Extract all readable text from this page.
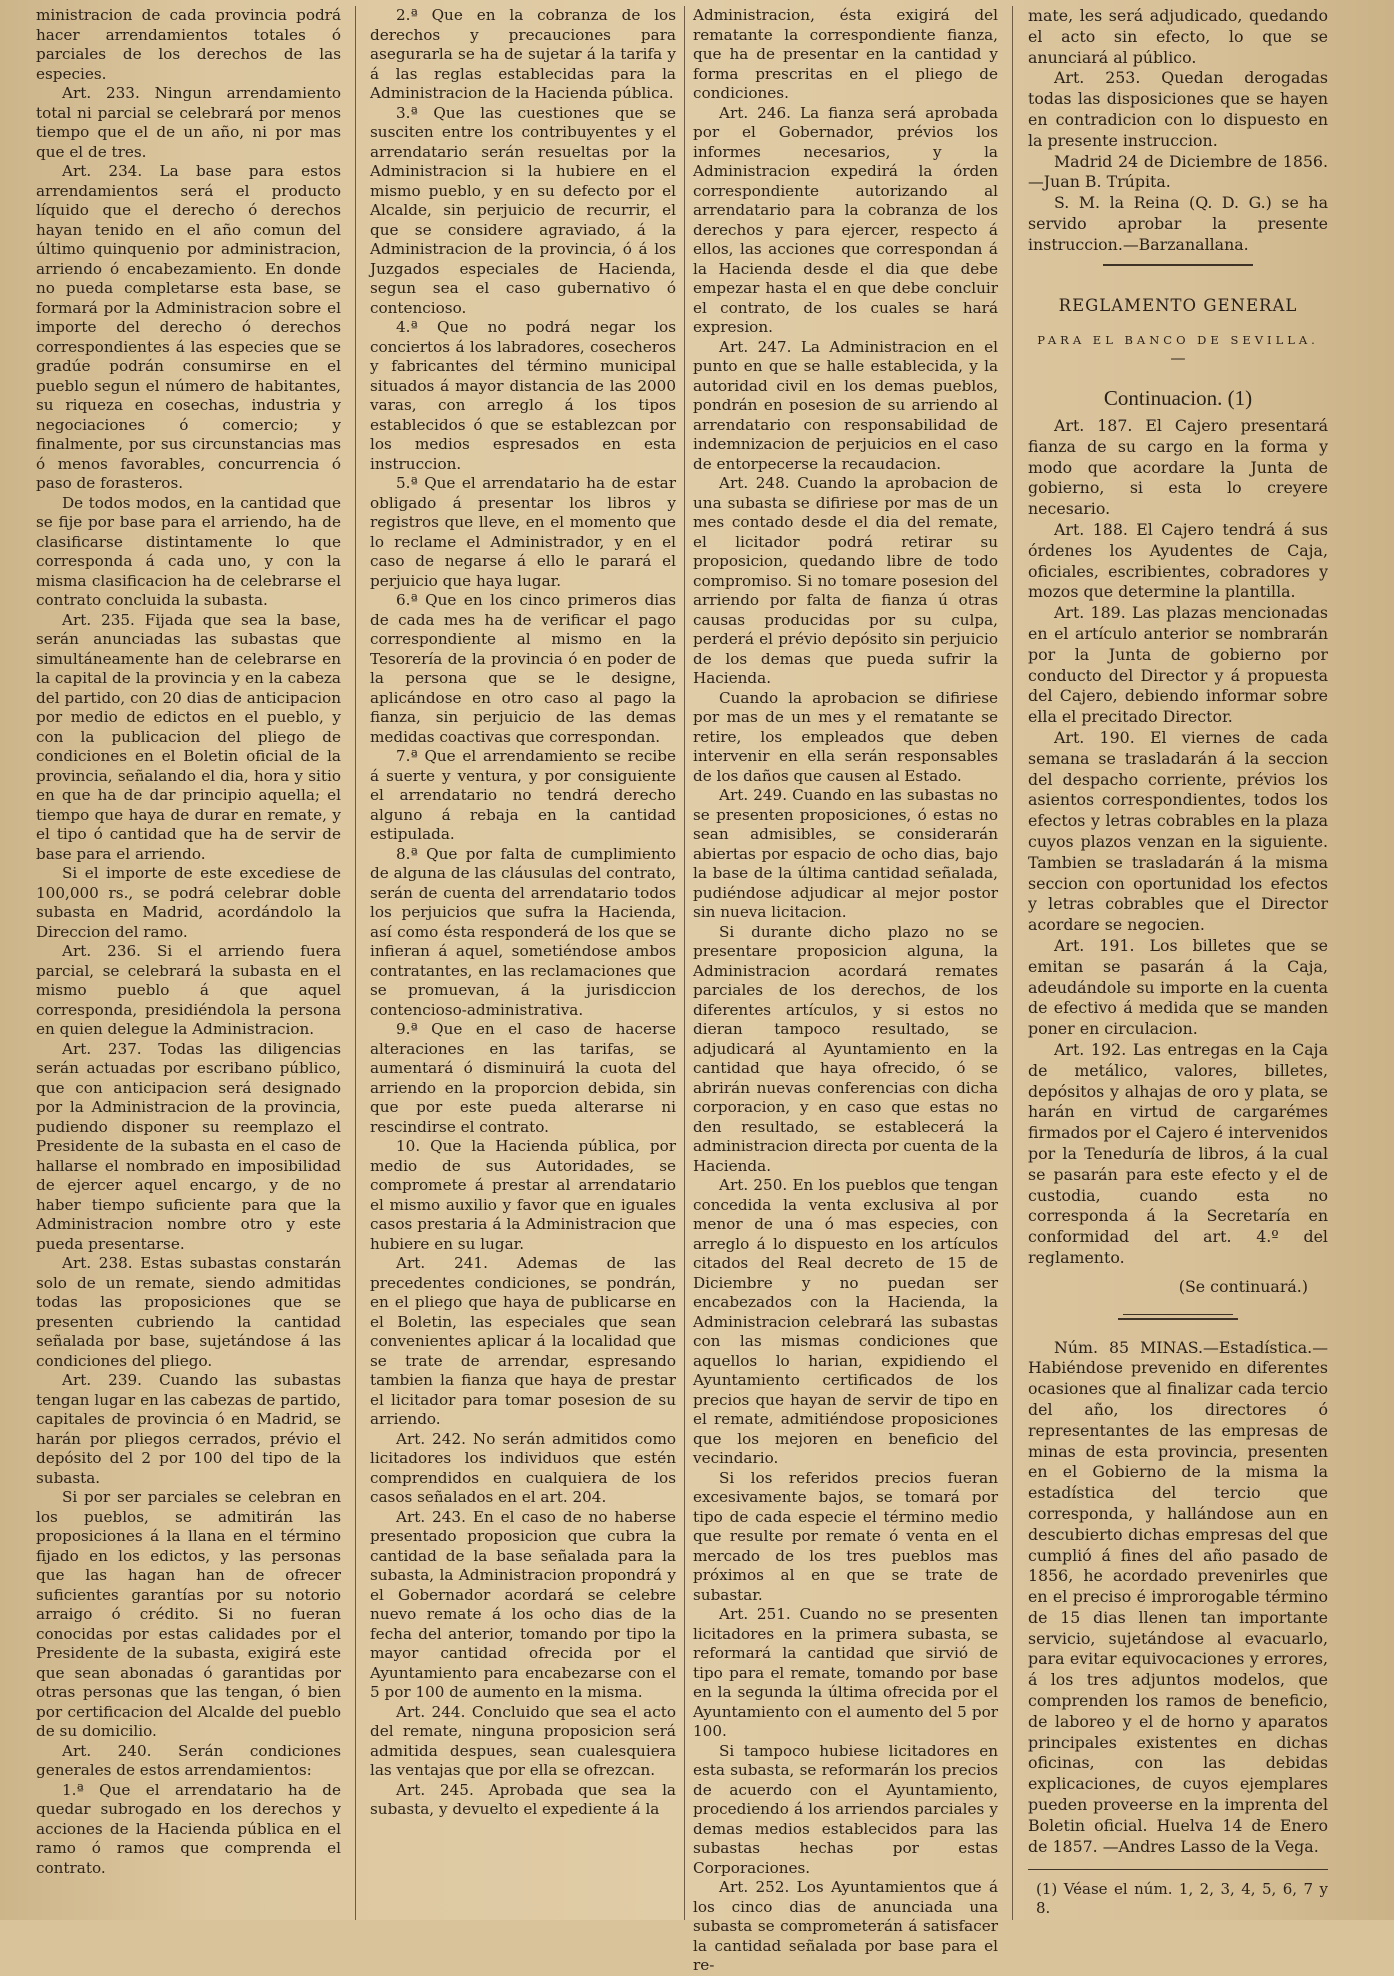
ministracion de cada provincia podrá hacer arrendamientos totales ó parciales de los derechos de las especies.

Art. 233. Ningun arrendamiento total ni parcial se celebrará por menos tiempo que el de un año, ni por mas que el de tres.

Art. 234. La base para estos arrendamientos será el producto líquido que el derecho ó derechos hayan tenido en el año comun del último quinquenio por administracion, arriendo ó encabezamiento. En donde no pueda completarse esta base, se formará por la Administracion sobre el importe del derecho ó derechos correspondientes á las especies que se gradúe podrán consumirse en el pueblo segun el número de habitantes, su riqueza en cosechas, industria y negociaciones ó comercio; y finalmente, por sus circunstancias mas ó menos favorables, concurrencia ó paso de forasteros.

De todos modos, en la cantidad que se fije por base para el arriendo, ha de clasificarse distintamente lo que corresponda á cada uno, y con la misma clasificacion ha de celebrarse el contrato concluida la subasta.

Art. 235. Fijada que sea la base, serán anunciadas las subastas que simultáneamente han de celebrarse en la capital de la provincia y en la cabeza del partido, con 20 dias de anticipacion por medio de edictos en el pueblo, y con la publicacion del pliego de condiciones en el Boletin oficial de la provincia, señalando el dia, hora y sitio en que ha de dar principio aquella; el tiempo que haya de durar en remate, y el tipo ó cantidad que ha de servir de base para el arriendo.

Si el importe de este excediese de 100,000 rs., se podrá celebrar doble subasta en Madrid, acordándolo la Direccion del ramo.

Art. 236. Si el arriendo fuera parcial, se celebrará la subasta en el mismo pueblo á que aquel corresponda, presidiéndola la persona en quien delegue la Administracion.

Art. 237. Todas las diligencias serán actuadas por escribano público, que con anticipacion será designado por la Administracion de la provincia, pudiendo disponer su reemplazo el Presidente de la subasta en el caso de hallarse el nombrado en imposibilidad de ejercer aquel encargo, y de no haber tiempo suficiente para que la Administracion nombre otro y este pueda presentarse.

Art. 238. Estas subastas constarán solo de un remate, siendo admitidas todas las proposiciones que se presenten cubriendo la cantidad señalada por base, sujetándose á las condiciones del pliego.

Art. 239. Cuando las subastas tengan lugar en las cabezas de partido, capitales de provincia ó en Madrid, se harán por pliegos cerrados, prévio el depósito del 2 por 100 del tipo de la subasta.

Si por ser parciales se celebran en los pueblos, se admitirán las proposiciones á la llana en el término fijado en los edictos, y las personas que las hagan han de ofrecer suficientes garantías por su notorio arraigo ó crédito. Si no fueran conocidas por estas calidades por el Presidente de la subasta, exigirá este que sean abonadas ó garantidas por otras personas que las tengan, ó bien por certificacion del Alcalde del pueblo de su domicilio.

Art. 240. Serán condiciones generales de estos arrendamientos:

1.ª Que el arrendatario ha de quedar subrogado en los derechos y acciones de la Hacienda pública en el ramo ó ramos que comprenda el contrato.

2.ª Que en la cobranza de los derechos y precauciones para asegurarla se ha de sujetar á la tarifa y á las reglas establecidas para la Administracion de la Hacienda pública.

3.ª Que las cuestiones que se susciten entre los contribuyentes y el arrendatario serán resueltas por la Administracion si la hubiere en el mismo pueblo, y en su defecto por el Alcalde, sin perjuicio de recurrir, el que se considere agraviado, á la Administracion de la provincia, ó á los Juzgados especiales de Hacienda, segun sea el caso gubernativo ó contencioso.

4.ª Que no podrá negar los conciertos á los labradores, cosecheros y fabricantes del término municipal situados á mayor distancia de las 2000 varas, con arreglo á los tipos establecidos ó que se establezcan por los medios espresados en esta instruccion.

5.ª Que el arrendatario ha de estar obligado á presentar los libros y registros que lleve, en el momento que lo reclame el Administrador, y en el caso de negarse á ello le parará el perjuicio que haya lugar.

6.ª Que en los cinco primeros dias de cada mes ha de verificar el pago correspondiente al mismo en la Tesorería de la provincia ó en poder de la persona que se le designe, aplicándose en otro caso al pago la fianza, sin perjuicio de las demas medidas coactivas que correspondan.

7.ª Que el arrendamiento se recibe á suerte y ventura, y por consiguiente el arrendatario no tendrá derecho alguno á rebaja en la cantidad estipulada.

8.ª Que por falta de cumplimiento de alguna de las cláusulas del contrato, serán de cuenta del arrendatario todos los perjuicios que sufra la Hacienda, así como ésta responderá de los que se infieran á aquel, sometiéndose ambos contratantes, en las reclamaciones que se promuevan, á la jurisdiccion contencioso-administrativa.

9.ª Que en el caso de hacerse alteraciones en las tarifas, se aumentará ó disminuirá la cuota del arriendo en la proporcion debida, sin que por este pueda alterarse ni rescindirse el contrato.

10. Que la Hacienda pública, por medio de sus Autoridades, se compromete á prestar al arrendatario el mismo auxilio y favor que en iguales casos prestaria á la Administracion que hubiere en su lugar.

Art. 241. Ademas de las precedentes condiciones, se pondrán, en el pliego que haya de publicarse en el Boletin, las especiales que sean convenientes aplicar á la localidad que se trate de arrendar, espresando tambien la fianza que haya de prestar el licitador para tomar posesion de su arriendo.

Art. 242. No serán admitidos como licitadores los individuos que estén comprendidos en cualquiera de los casos señalados en el art. 204.

Art. 243. En el caso de no haberse presentado proposicion que cubra la cantidad de la base señalada para la subasta, la Administracion propondrá y el Gobernador acordará se celebre nuevo remate á los ocho dias de la fecha del anterior, tomando por tipo la mayor cantidad ofrecida por el Ayuntamiento para encabezarse con el 5 por 100 de aumento en la misma.

Art. 244. Concluido que sea el acto del remate, ninguna proposicion será admitida despues, sean cualesquiera las ventajas que por ella se ofrezcan.

Art. 245. Aprobada que sea la subasta, y devuelto el expediente á la

Administracion, ésta exigirá del rematante la correspondiente fianza, que ha de presentar en la cantidad y forma prescritas en el pliego de condiciones.

Art. 246. La fianza será aprobada por el Gobernador, prévios los informes necesarios, y la Administracion expedirá la órden correspondiente autorizando al arrendatario para la cobranza de los derechos y para ejercer, respecto á ellos, las acciones que correspondan á la Hacienda desde el dia que debe empezar hasta el en que debe concluir el contrato, de los cuales se hará expresion.

Art. 247. La Administracion en el punto en que se halle establecida, y la autoridad civil en los demas pueblos, pondrán en posesion de su arriendo al arrendatario con responsabilidad de indemnizacion de perjuicios en el caso de entorpecerse la recaudacion.

Art. 248. Cuando la aprobacion de una subasta se difiriese por mas de un mes contado desde el dia del remate, el licitador podrá retirar su proposicion, quedando libre de todo compromiso. Si no tomare posesion del arriendo por falta de fianza ú otras causas producidas por su culpa, perderá el prévio depósito sin perjuicio de los demas que pueda sufrir la Hacienda.

Cuando la aprobacion se difiriese por mas de un mes y el rematante se retire, los empleados que deben intervenir en ella serán responsables de los daños que causen al Estado.

Art. 249. Cuando en las subastas no se presenten proposiciones, ó estas no sean admisibles, se considerarán abiertas por espacio de ocho dias, bajo la base de la última cantidad señalada, pudiéndose adjudicar al mejor postor sin nueva licitacion.

Si durante dicho plazo no se presentare proposicion alguna, la Administracion acordará remates parciales de los derechos, de los diferentes artículos, y si estos no dieran tampoco resultado, se adjudicará al Ayuntamiento en la cantidad que haya ofrecido, ó se abrirán nuevas conferencias con dicha corporacion, y en caso que estas no den resultado, se establecerá la administracion directa por cuenta de la Hacienda.

Art. 250. En los pueblos que tengan concedida la venta exclusiva al por menor de una ó mas especies, con arreglo á lo dispuesto en los artículos citados del Real decreto de 15 de Diciembre y no puedan ser encabezados con la Hacienda, la Administracion celebrará las subastas con las mismas condiciones que aquellos lo harian, expidiendo el Ayuntamiento certificados de los precios que hayan de servir de tipo en el remate, admitiéndose proposiciones que los mejoren en beneficio del vecindario.

Si los referidos precios fueran excesivamente bajos, se tomará por tipo de cada especie el término medio que resulte por remate ó venta en el mercado de los tres pueblos mas próximos al en que se trate de subastar.

Art. 251. Cuando no se presenten licitadores en la primera subasta, se reformará la cantidad que sirvió de tipo para el remate, tomando por base en la segunda la última ofrecida por el Ayuntamiento con el aumento del 5 por 100.

Si tampoco hubiese licitadores en esta subasta, se reformarán los precios de acuerdo con el Ayuntamiento, procediendo á los arriendos parciales y demas medios establecidos para las subastas hechas por estas Corporaciones.

Art. 252. Los Ayuntamientos que á los cinco dias de anunciada una subasta se comprometerán á satisfacer la cantidad señalada por base para el re-

mate, les será adjudicado, quedando el acto sin efecto, lo que se anunciará al público.

Art. 253. Quedan derogadas todas las disposiciones que se hayen en contradicion con lo dispuesto en la presente instruccion.

Madrid 24 de Diciembre de 1856.—Juan B. Trúpita.

S. M. la Reina (Q. D. G.) se ha servido aprobar la presente instruccion.—Barzanallana.

REGLAMENTO GENERAL
PARA EL BANCO DE SEVILLA.
—
Continuacion. (1)

Art. 187. El Cajero presentará fianza de su cargo en la forma y modo que acordare la Junta de gobierno, si esta lo creyere necesario.

Art. 188. El Cajero tendrá á sus órdenes los Ayudentes de Caja, oficiales, escribientes, cobradores y mozos que determine la plantilla.

Art. 189. Las plazas mencionadas en el artículo anterior se nombrarán por la Junta de gobierno por conducto del Director y á propuesta del Cajero, debiendo informar sobre ella el precitado Director.

Art. 190. El viernes de cada semana se trasladarán á la seccion del despacho corriente, prévios los asientos correspondientes, todos los efectos y letras cobrables en la plaza cuyos plazos venzan en la siguiente. Tambien se trasladarán á la misma seccion con oportunidad los efectos y letras cobrables que el Director acordare se negocien.

Art. 191. Los billetes que se emitan se pasarán á la Caja, adeudándole su importe en la cuenta de efectivo á medida que se manden poner en circulacion.

Art. 192. Las entregas en la Caja de metálico, valores, billetes, depósitos y alhajas de oro y plata, se harán en virtud de cargarémes firmados por el Cajero é intervenidos por la Teneduría de libros, á la cual se pasarán para este efecto y el de custodia, cuando esta no corresponda á la Secretaría en conformidad del art. 4.º del reglamento.

(Se continuará.)

Núm. 85 MINAS.—Estadística.—Habiéndose prevenido en diferentes ocasiones que al finalizar cada tercio del año, los directores ó representantes de las empresas de minas de esta provincia, presenten en el Gobierno de la misma la estadística del tercio que corresponda, y hallándose aun en descubierto dichas empresas del que cumplió á fines del año pasado de 1856, he acordado prevenirles que en el preciso é improrogable término de 15 dias llenen tan importante servicio, sujetándose al evacuarlo, para evitar equivocaciones y errores, á los tres adjuntos modelos, que comprenden los ramos de beneficio, de laboreo y el de horno y aparatos principales existentes en dichas oficinas, con las debidas explicaciones, de cuyos ejemplares pueden proveerse en la imprenta del Boletin oficial. Huelva 14 de Enero de 1857. —Andres Lasso de la Vega.

(1) Véase el núm. 1, 2, 3, 4, 5, 6, 7 y 8.
